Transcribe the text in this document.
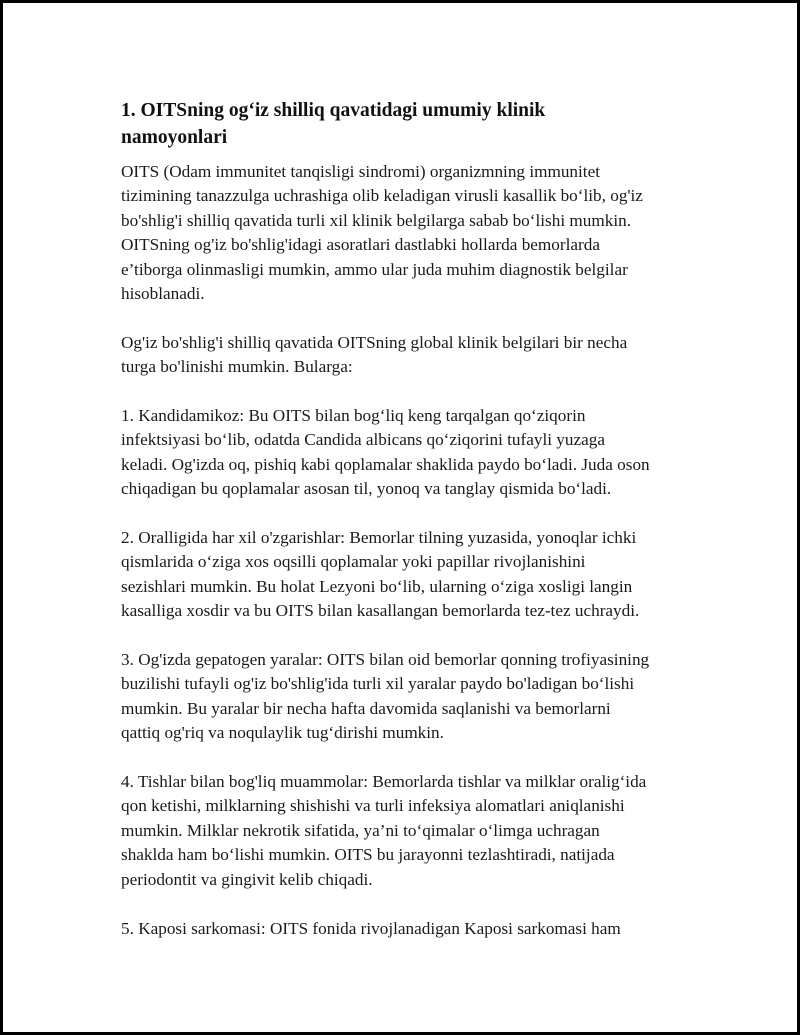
1. OITSning og‘iz shilliq qavatidagi umumiy klinik
namoyonlari

OITS (Odam immunitet tanqisligi sindromi) organizmning immunitet
tizimining tanazzulga uchrashiga olib keladigan virusli kasallik bo‘lib, og'iz
bo'shlig'i shilliq qavatida turli xil klinik belgilarga sabab bo‘lishi mumkin.
OITSning og'iz bo'shlig'idagi asoratlari dastlabki hollarda bemorlarda
e’tiborga olinmasligi mumkin, ammo ular juda muhim diagnostik belgilar
hisoblanadi.

Og'iz bo'shlig'i shilliq qavatida OITSning global klinik belgilari bir necha
turga bo'linishi mumkin. Bularga:

1. Kandidamikoz: Bu OITS bilan bog‘liq keng tarqalgan qo‘ziqorin
infektsiyasi bo‘lib, odatda Candida albicans qo‘ziqorini tufayli yuzaga
keladi. Og'izda oq, pishiq kabi qoplamalar shaklida paydo bo‘ladi. Juda oson
chiqadigan bu qoplamalar asosan til, yonoq va tanglay qismida bo‘ladi.

2. Oralligida har xil o'zgarishlar: Bemorlar tilning yuzasida, yonoqlar ichki
qismlarida o‘ziga xos oqsilli qoplamalar yoki papillar rivojlanishini
sezishlari mumkin. Bu holat Lezyoni bo‘lib, ularning o‘ziga xosligi langin
kasalliga xosdir va bu OITS bilan kasallangan bemorlarda tez-tez uchraydi.

3. Og'izda gepatogen yaralar: OITS bilan oid bemorlar qonning trofiyasining
buzilishi tufayli og'iz bo'shlig'ida turli xil yaralar paydo bo'ladigan bo‘lishi
mumkin. Bu yaralar bir necha hafta davomida saqlanishi va bemorlarni
qattiq og'riq va noqulaylik tug‘dirishi mumkin.

4. Tishlar bilan bog'liq muammolar: Bemorlarda tishlar va milklar oralig‘ida
qon ketishi, milklarning shishishi va turli infeksiya alomatlari aniqlanishi
mumkin. Milklar nekrotik sifatida, ya’ni to‘qimalar o‘limga uchragan
shaklda ham bo‘lishi mumkin. OITS bu jarayonni tezlashtiradi, natijada
periodontit va gingivit kelib chiqadi.

5. Kaposi sarkomasi: OITS fonida rivojlanadigan Kaposi sarkomasi ham
